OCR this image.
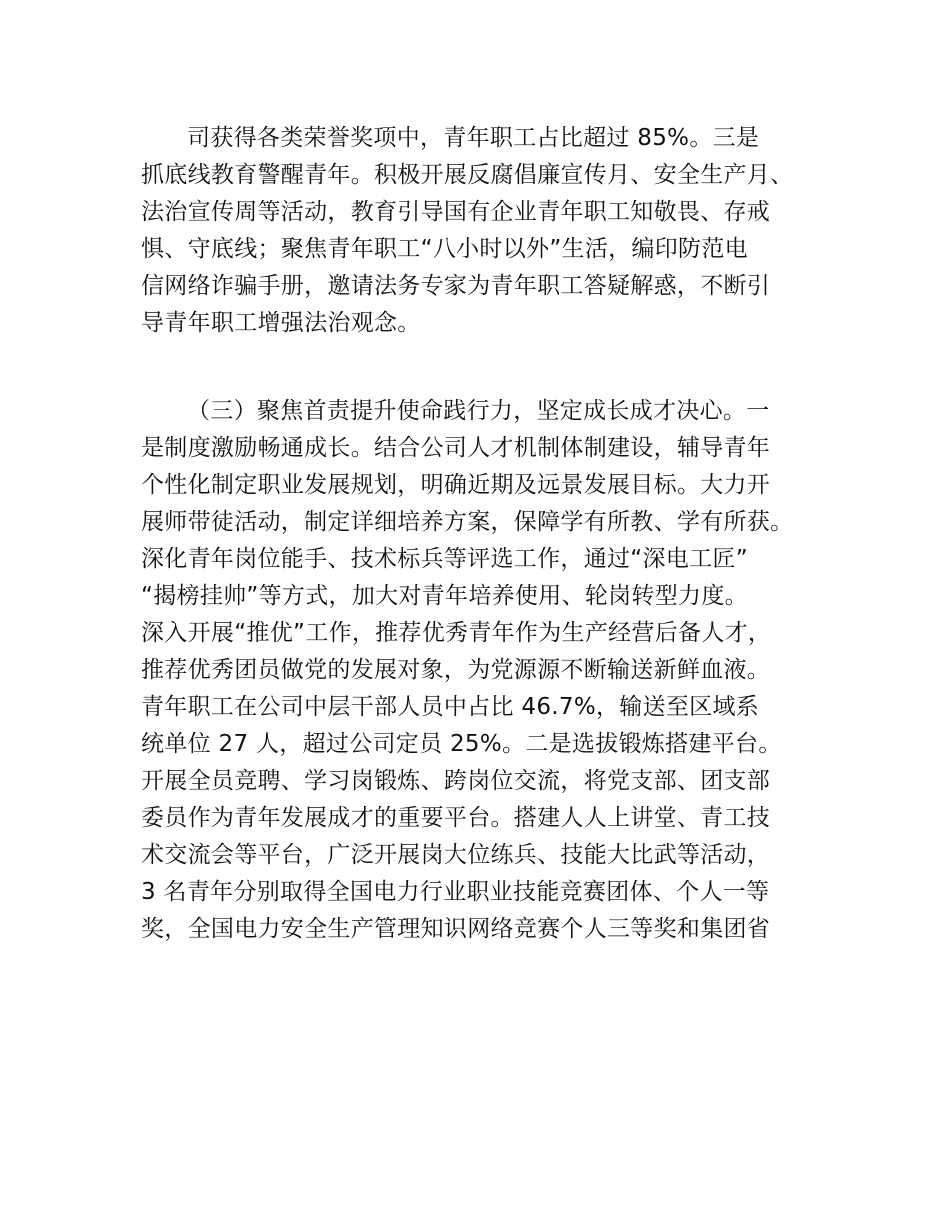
司获得各类荣誉奖项中，青年职工占比超过 85%。三是
抓底线教育警醒青年。积极开展反腐倡廉宣传月、安全生产月、
法治宣传周等活动，教育引导国有企业青年职工知敬畏、存戒
惧、守底线；聚焦青年职工“八小时以外”生活，编印防范电
信网络诈骗手册，邀请法务专家为青年职工答疑解惑，不断引
导青年职工增强法治观念。
（三）聚焦首责提升使命践行力，坚定成长成才决心。一
是制度激励畅通成长。结合公司人才机制体制建设，辅导青年
个性化制定职业发展规划，明确近期及远景发展目标。大力开
展师带徒活动，制定详细培养方案，保障学有所教、学有所获。
深化青年岗位能手、技术标兵等评选工作，通过“深电工匠”
“揭榜挂帅”等方式，加大对青年培养使用、轮岗转型力度。
深入开展“推优”工作，推荐优秀青年作为生产经营后备人才，
推荐优秀团员做党的发展对象，为党源源不断输送新鲜血液。
青年职工在公司中层干部人员中占比 46.7%，输送至区域系
统单位 27 人，超过公司定员 25%。二是选拔锻炼搭建平台。
开展全员竞聘、学习岗锻炼、跨岗位交流，将党支部、团支部
委员作为青年发展成才的重要平台。搭建人人上讲堂、青工技
术交流会等平台，广泛开展岗大位练兵、技能大比武等活动，
3 名青年分别取得全国电力行业职业技能竞赛团体、个人一等
奖，全国电力安全生产管理知识网络竞赛个人三等奖和集团省
